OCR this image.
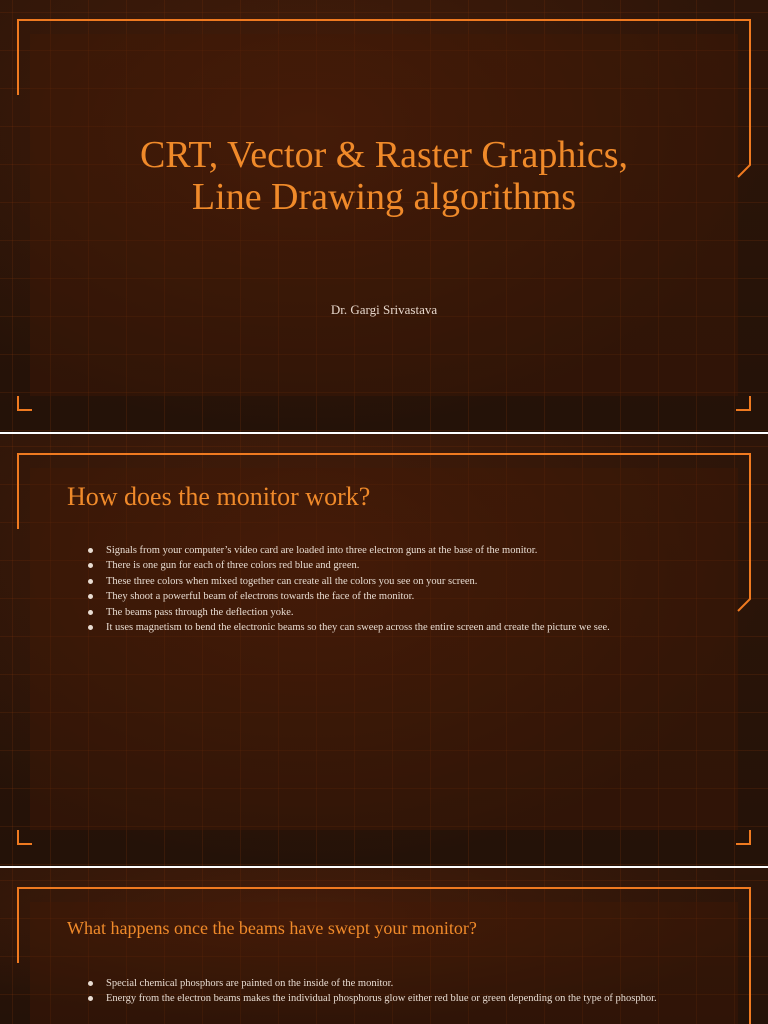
CRT, Vector & Raster Graphics,
Line Drawing algorithms
Dr. Gargi Srivastava
How does the monitor work?
Signals from your computer’s video card are loaded into three electron guns at the base of the monitor.
There is one gun for each of three colors red blue and green.
These three colors when mixed together can create all the colors you see on your screen.
They shoot a powerful beam of electrons towards the face of the monitor.
The beams pass through the deflection yoke.
It uses magnetism to bend the electronic beams so they can sweep across the entire screen and create the picture we see.
What happens once the beams have swept your monitor?
Special chemical phosphors are painted on the inside of the monitor.
Energy from the electron beams makes the individual phosphorus glow either red blue or green depending on the type of phosphor.
